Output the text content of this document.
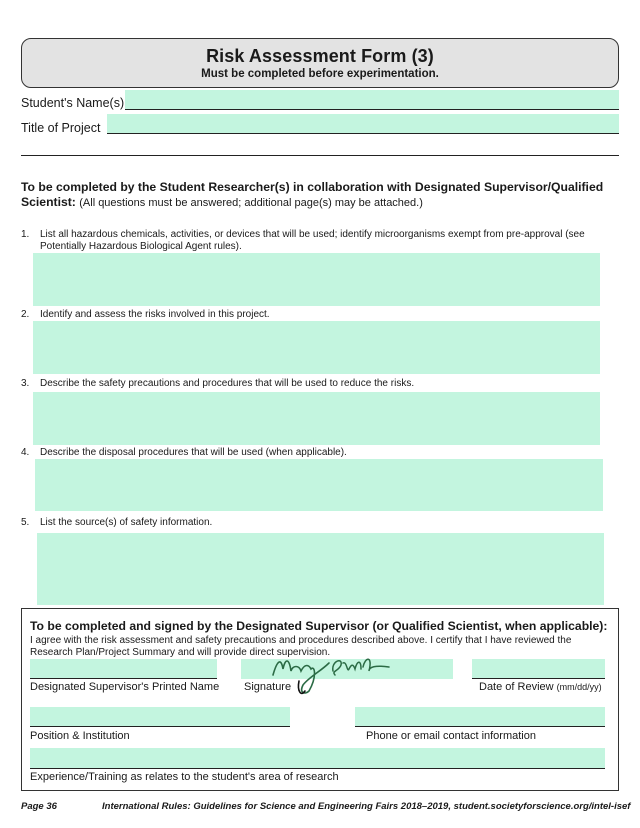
Risk Assessment Form (3)
Must be completed before experimentation.
Student's Name(s)
Title of Project
To be completed by the Student Researcher(s) in collaboration with Designated Supervisor/Qualified Scientist: (All questions must be answered; additional page(s) may be attached.)
1. List all hazardous chemicals, activities, or devices that will be used; identify microorganisms exempt from pre-approval (see Potentially Hazardous Biological Agent rules).
2. Identify and assess the risks involved in this project.
3. Describe the safety precautions and procedures that will be used to reduce the risks.
4. Describe the disposal procedures that will be used (when applicable).
5. List the source(s) of safety information.
To be completed and signed by the Designated Supervisor (or Qualified Scientist, when applicable):
I agree with the risk assessment and safety precautions and procedures described above. I certify that I have reviewed the Research Plan/Project Summary and will provide direct supervision.
Designated Supervisor's Printed Name Signature	Date of Review (mm/dd/yy)
Position & Institution	Phone or email contact information
Experience/Training as relates to the student's area of research
Page 36	International Rules: Guidelines for Science and Engineering Fairs 2018–2019, student.societyforscience.org/intel-isef
